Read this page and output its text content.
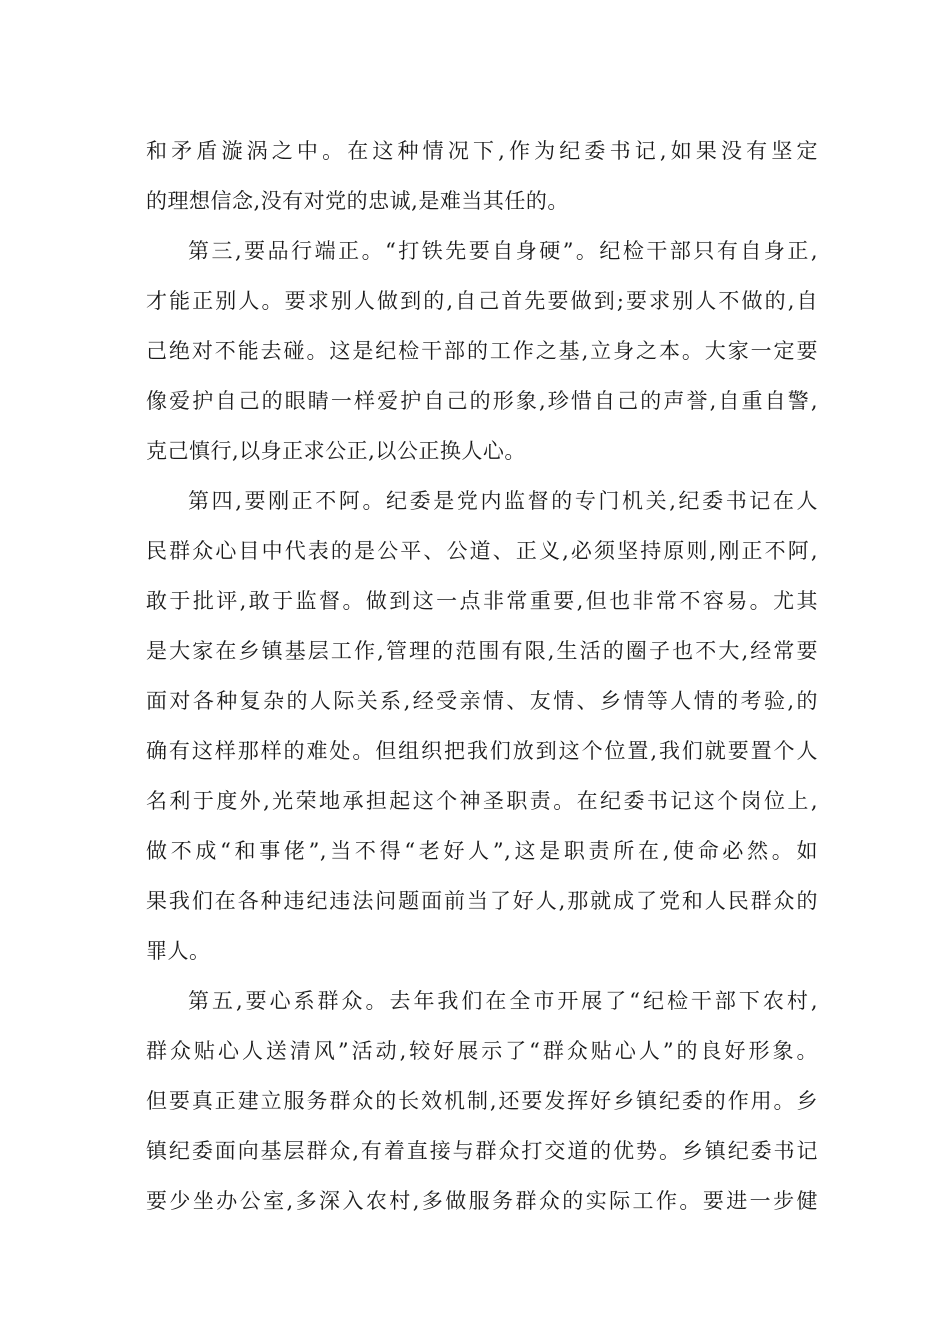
和矛盾漩涡之中。在这种情况下,作为纪委书记,如果没有坚定
的理想信念,没有对党的忠诚,是难当其任的。
第三,要品行端正。“打铁先要自身硬”。纪检干部只有自身正,
才能正别人。要求别人做到的,自己首先要做到;要求别人不做的,自
己绝对不能去碰。这是纪检干部的工作之基,立身之本。大家一定要
像爱护自己的眼睛一样爱护自己的形象,珍惜自己的声誉,自重自警,
克己慎行,以身正求公正,以公正换人心。
第四,要刚正不阿。纪委是党内监督的专门机关,纪委书记在人
民群众心目中代表的是公平、公道、正义,必须坚持原则,刚正不阿,
敢于批评,敢于监督。做到这一点非常重要,但也非常不容易。尤其
是大家在乡镇基层工作,管理的范围有限,生活的圈子也不大,经常要
面对各种复杂的人际关系,经受亲情、友情、乡情等人情的考验,的
确有这样那样的难处。但组织把我们放到这个位置,我们就要置个人
名利于度外,光荣地承担起这个神圣职责。在纪委书记这个岗位上,
做不成“和事佬”,当不得“老好人”,这是职责所在,使命必然。如
果我们在各种违纪违法问题面前当了好人,那就成了党和人民群众的
罪人。
第五,要心系群众。去年我们在全市开展了“纪检干部下农村,
群众贴心人送清风”活动,较好展示了“群众贴心人”的良好形象。
但要真正建立服务群众的长效机制,还要发挥好乡镇纪委的作用。乡
镇纪委面向基层群众,有着直接与群众打交道的优势。乡镇纪委书记
要少坐办公室,多深入农村,多做服务群众的实际工作。要进一步健
